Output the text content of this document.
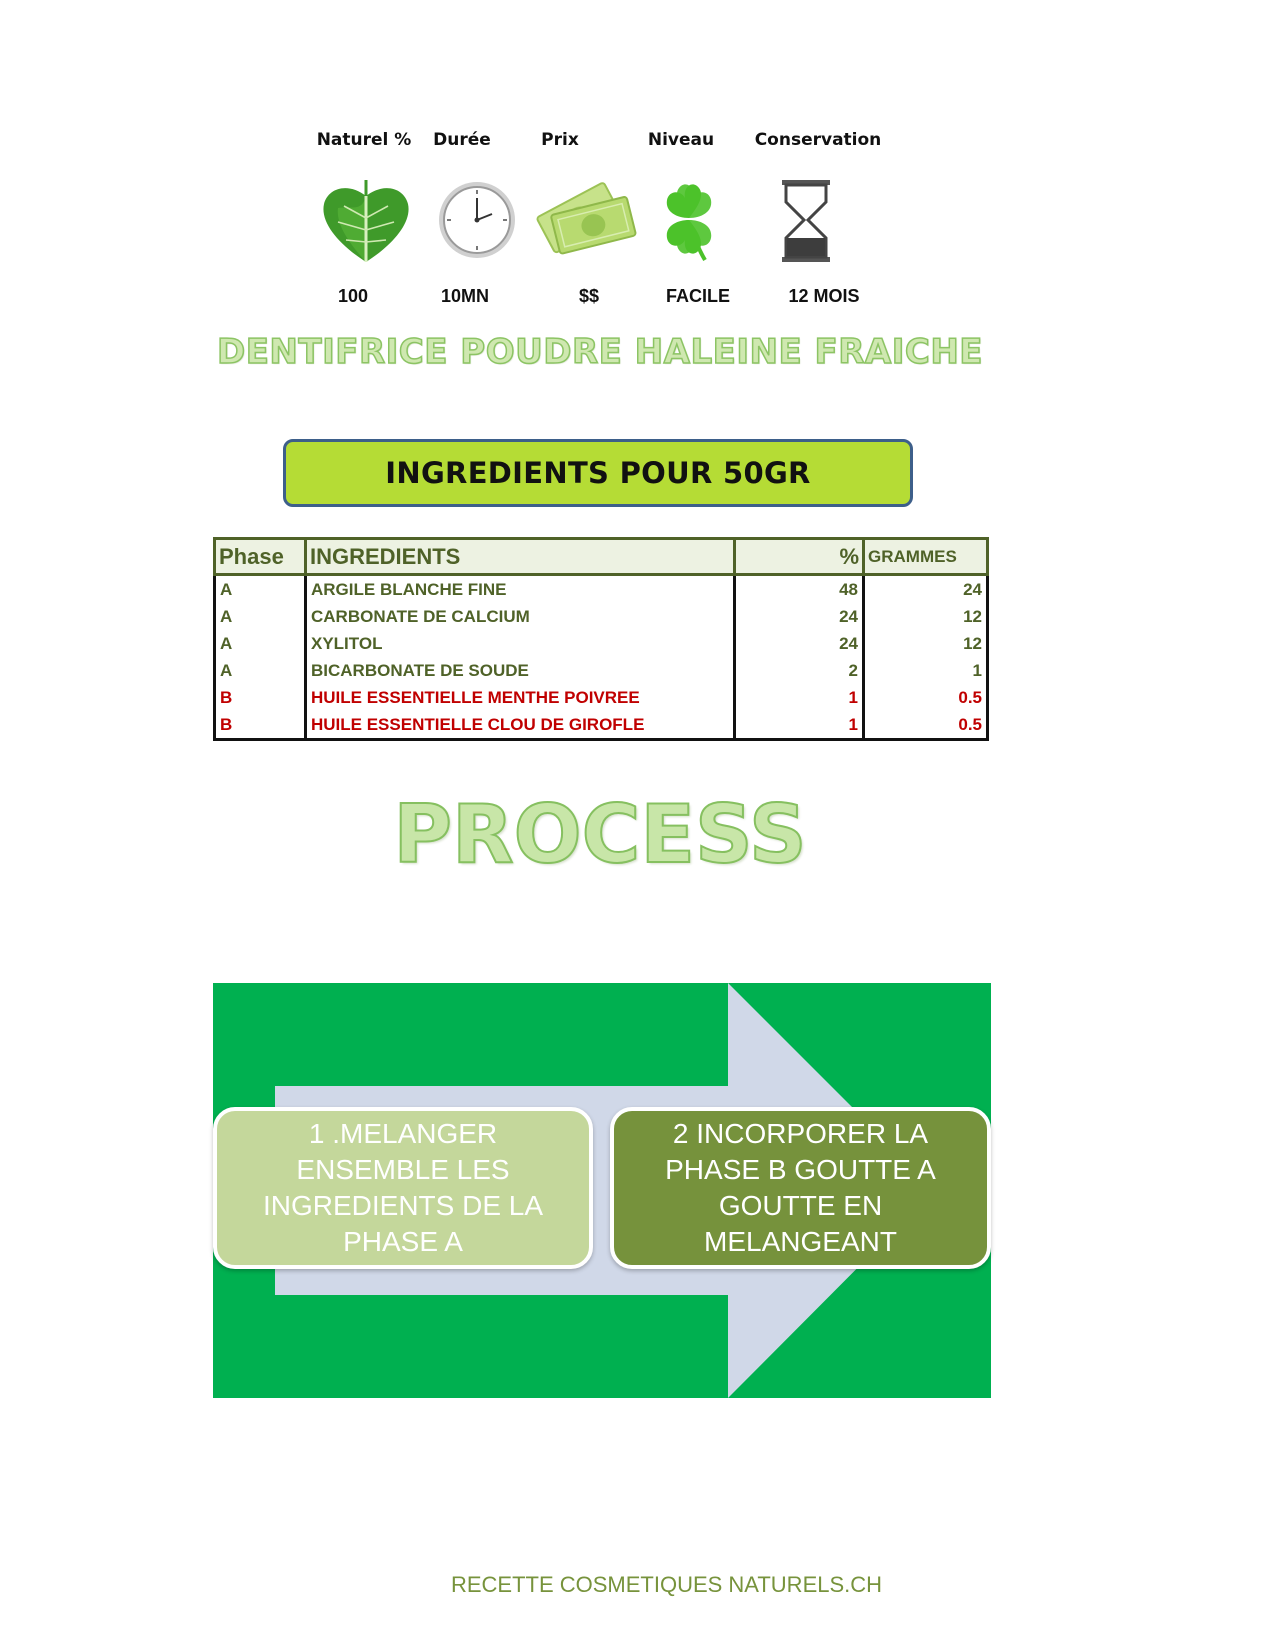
Naturel % Durée	Prix	Niveau Conservation
100	10MN	$$	FACILE	12 MOIS
DENTIFRICE POUDRE HALEINE FRAICHE
INGREDIENTS POUR 50GR
Phase	INGREDIENTS	%	GRAMMES
A	ARGILE BLANCHE FINE	48	24
A	CARBONATE DE CALCIUM	24	12
A	XYLITOL	24	12
A	BICARBONATE DE SOUDE	2	1
B	HUILE ESSENTIELLE MENTHE POIVREE	1	0.5
B	HUILE ESSENTIELLE CLOU DE GIROFLE	1	0.5
PROCESS
1 .MELANGER ENSEMBLE LES INGREDIENTS DE LA PHASE A
2 INCORPORER LA PHASE B GOUTTE A GOUTTE EN MELANGEANT
RECETTE COSMETIQUES NATURELS.CH
